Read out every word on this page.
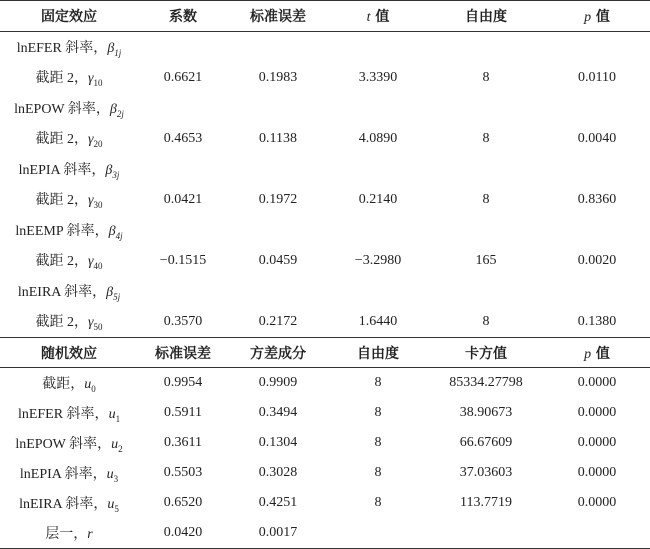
固定效应	系数	标准误差	t 值	自由度	p 值
lnEFER 斜率，$\beta_{1j}$					
截距 2，$\gamma_{10}$	0.6621	0.1983	3.3390	8	0.0110
lnEPOW 斜率，$\beta_{2j}$					
截距 2，$\gamma_{20}$	0.4653	0.1138	4.0890	8	0.0040
lnEPIA 斜率，$\beta_{3j}$					
截距 2，$\gamma_{30}$	0.0421	0.1972	0.2140	8	0.8360
lnEEMP 斜率，$\beta_{4j}$					
截距 2，$\gamma_{40}$	−0.1515	0.0459	−3.2980	165	0.0020
lnEIRA 斜率，$\beta_{5j}$					
截距 2，$\gamma_{50}$	0.3570	0.2172	1.6440	8	0.1380
随机效应	标准误差	方差成分	自由度	卡方值	p 值
截距，$u_0$	0.9954	0.9909	8	85334.27798	0.0000
lnEFER 斜率，$u_1$	0.5911	0.3494	8	38.90673	0.0000
lnEPOW 斜率，$u_2$	0.3611	0.1304	8	66.67609	0.0000
lnEPIA 斜率，$u_3$	0.5503	0.3028	8	37.03603	0.0000
lnEIRA 斜率，$u_5$	0.6520	0.4251	8	113.7719	0.0000
层一，r	0.0420	0.0017			
